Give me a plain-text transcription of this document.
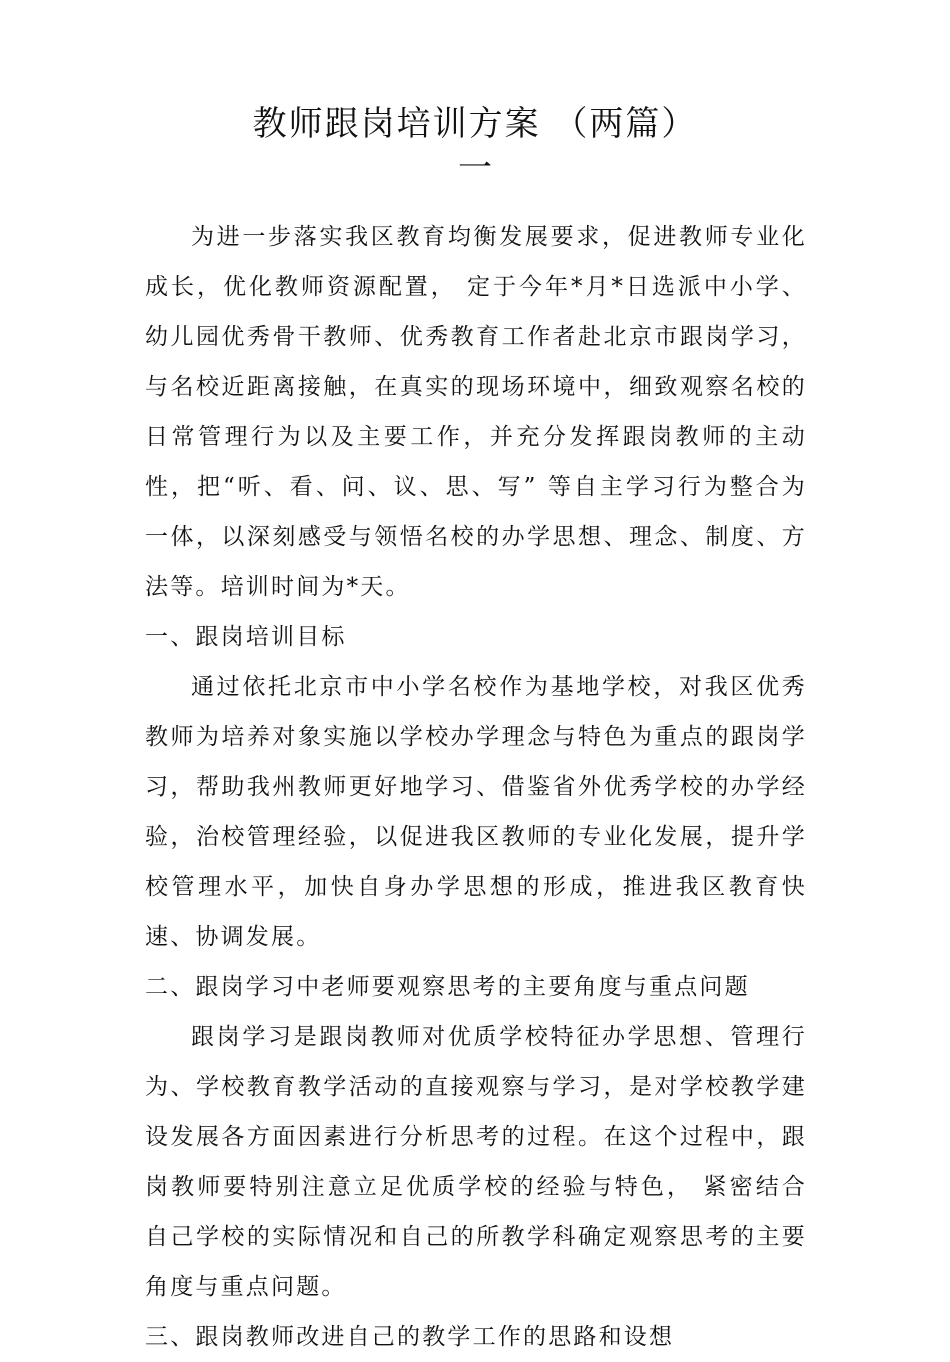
教师跟岗培训方案 （两篇）
一

为进一步落实我区教育均衡发展要求，促进教师专业化成长，优化教师资源配置， 定于今年*月*日选派中小学、幼儿园优秀骨干教师、优秀教育工作者赴北京市跟岗学习，与名校近距离接触，在真实的现场环境中，细致观察名校的日常管理行为以及主要工作，并充分发挥跟岗教师的主动性，把“听、看、问、议、思、写” 等自主学习行为整合为一体，以深刻感受与领悟名校的办学思想、理念、制度、方法等。培训时间为*天。

一、跟岗培训目标

通过依托北京市中小学名校作为基地学校，对我区优秀教师为培养对象实施以学校办学理念与特色为重点的跟岗学习，帮助我州教师更好地学习、借鉴省外优秀学校的办学经验，治校管理经验，以促进我区教师的专业化发展，提升学校管理水平，加快自身办学思想的形成，推进我区教育快速、协调发展。

二、跟岗学习中老师要观察思考的主要角度与重点问题

跟岗学习是跟岗教师对优质学校特征办学思想、管理行为、学校教育教学活动的直接观察与学习，是对学校教学建设发展各方面因素进行分析思考的过程。在这个过程中，跟岗教师要特别注意立足优质学校的经验与特色， 紧密结合自己学校的实际情况和自己的所教学科确定观察思考的主要角度与重点问题。

三、跟岗教师改进自己的教学工作的思路和设想
